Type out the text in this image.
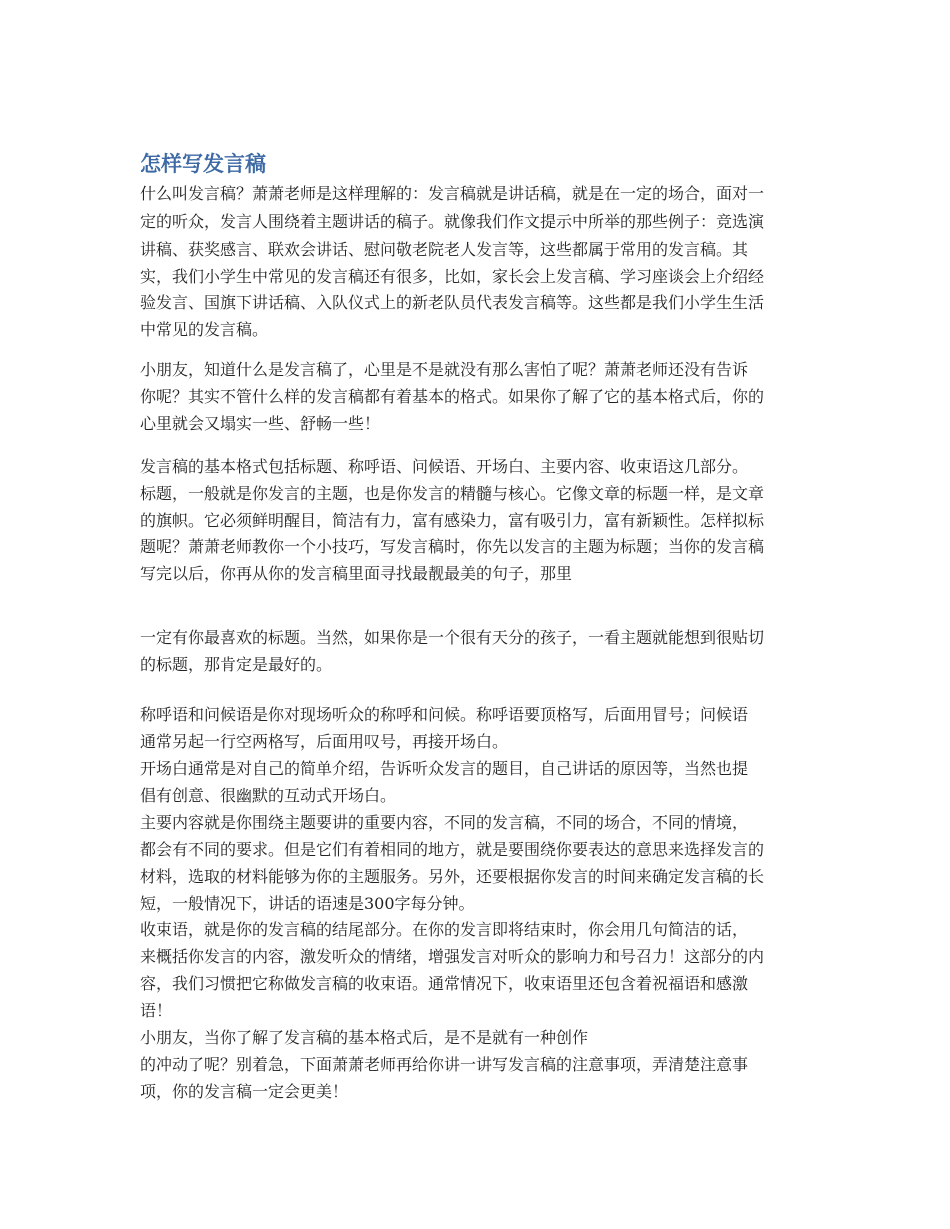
怎样写发言稿

什么叫发言稿？萧萧老师是这样理解的：发言稿就是讲话稿，就是在一定的场合，面对一

定的听众，发言人围绕着主题讲话的稿子。就像我们作文提示中所举的那些例子：竞选演

讲稿、获奖感言、联欢会讲话、慰问敬老院老人发言等，这些都属于常用的发言稿。其

实，我们小学生中常见的发言稿还有很多，比如，家长会上发言稿、学习座谈会上介绍经

验发言、国旗下讲话稿、入队仪式上的新老队员代表发言稿等。这些都是我们小学生生活

中常见的发言稿。

小朋友，知道什么是发言稿了，心里是不是就没有那么害怕了呢？萧萧老师还没有告诉

你呢？其实不管什么样的发言稿都有着基本的格式。如果你了解了它的基本格式后，你的

心里就会又塌实一些、舒畅一些！

发言稿的基本格式包括标题、称呼语、问候语、开场白、主要内容、收束语这几部分。

标题，一般就是你发言的主题，也是你发言的精髓与核心。它像文章的标题一样，是文章

的旗帜。它必须鲜明醒目，简洁有力，富有感染力，富有吸引力，富有新颖性。怎样拟标

题呢？萧萧老师教你一个小技巧，写发言稿时，你先以发言的主题为标题；当你的发言稿

写完以后，你再从你的发言稿里面寻找最靓最美的句子，那里

一定有你最喜欢的标题。当然，如果你是一个很有天分的孩子，一看主题就能想到很贴切

的标题，那肯定是最好的。

称呼语和问候语是你对现场听众的称呼和问候。称呼语要顶格写，后面用冒号；问候语

通常另起一行空两格写，后面用叹号，再接开场白。

开场白通常是对自己的简单介绍，告诉听众发言的题目，自己讲话的原因等，当然也提

倡有创意、很幽默的互动式开场白。

主要内容就是你围绕主题要讲的重要内容，不同的发言稿，不同的场合，不同的情境，

都会有不同的要求。但是它们有着相同的地方，就是要围绕你要表达的意思来选择发言的

材料，选取的材料能够为你的主题服务。另外，还要根据你发言的时间来确定发言稿的长

短，一般情况下，讲话的语速是300字每分钟。

收束语，就是你的发言稿的结尾部分。在你的发言即将结束时，你会用几句简洁的话，

来概括你发言的内容，激发听众的情绪，增强发言对听众的影响力和号召力！这部分的内

容，我们习惯把它称做发言稿的收束语。通常情况下，收束语里还包含着祝福语和感激

语！

小朋友，当你了解了发言稿的基本格式后，是不是就有一种创作

的冲动了呢？别着急，下面萧萧老师再给你讲一讲写发言稿的注意事项，弄清楚注意事

项，你的发言稿一定会更美！
